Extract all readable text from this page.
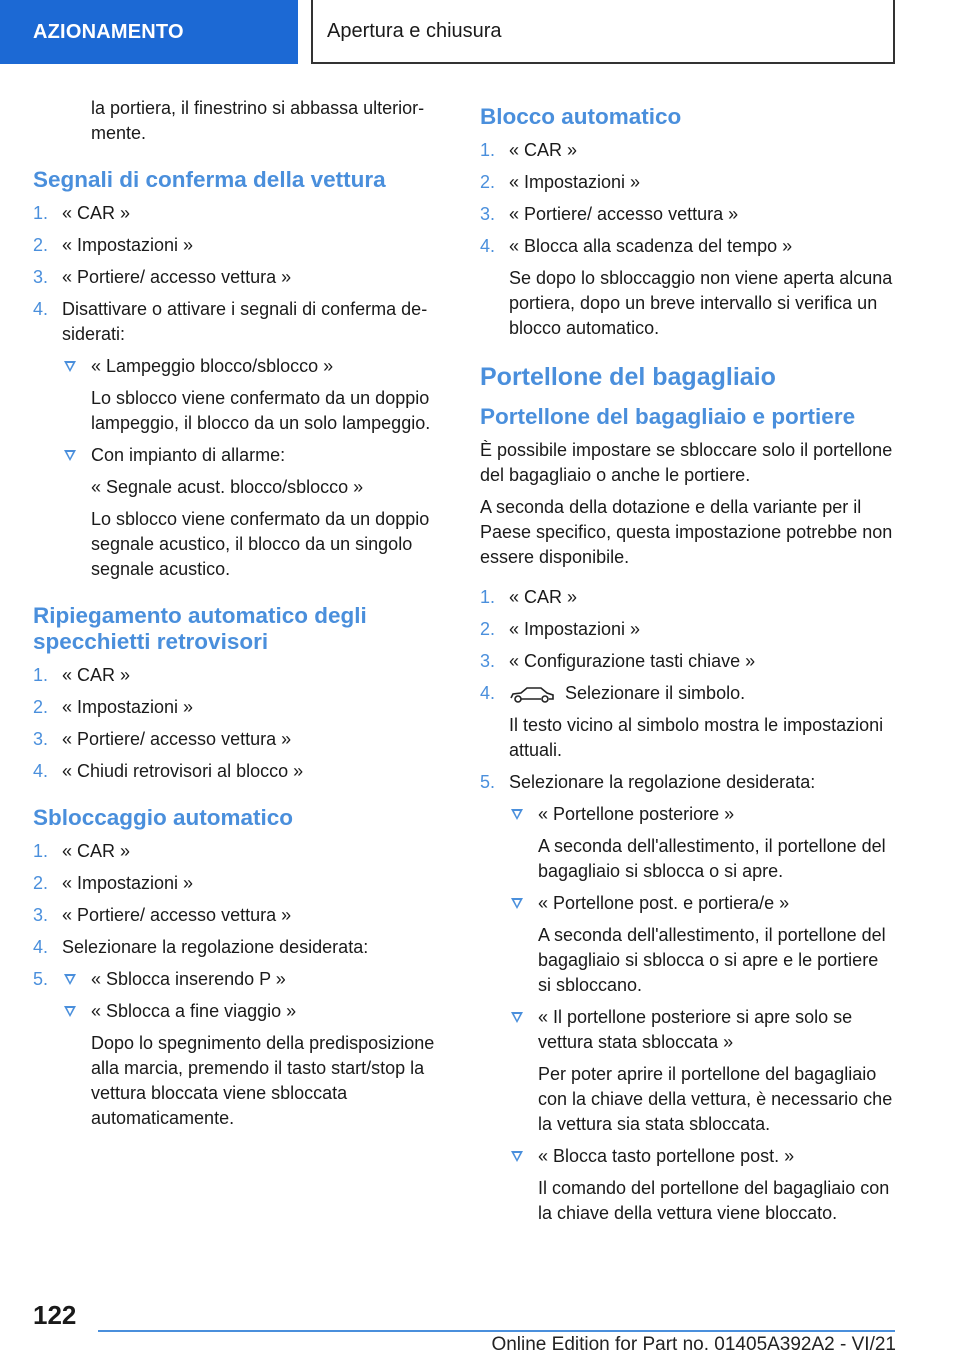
AZIONAMENTO	Apertura e chiusura
la portiera, il finestrino si abbassa ulteriormente.
Segnali di conferma della vettura
1. « CAR »
2. « Impostazioni »
3. « Portiere/ accesso vettura »
4. Disattivare o attivare i segnali di conferma desiderati:
« Lampeggio blocco/sblocco »
Lo sblocco viene confermato da un doppio lampeggio, il blocco da un solo lampeggio.
Con impianto di allarme:
« Segnale acust. blocco/sblocco »
Lo sblocco viene confermato da un doppio segnale acustico, il blocco da un singolo segnale acustico.
Ripiegamento automatico degli specchietti retrovisori
1. « CAR »
2. « Impostazioni »
3. « Portiere/ accesso vettura »
4. « Chiudi retrovisori al blocco »
Sbloccaggio automatico
1. « CAR »
2. « Impostazioni »
3. « Portiere/ accesso vettura »
4. Selezionare la regolazione desiderata:
5. « Sblocca inserendo P »
« Sblocca a fine viaggio »
Dopo lo spegnimento della predisposizione alla marcia, premendo il tasto start/stop la vettura bloccata viene sbloccata automaticamente.
Blocco automatico
1. « CAR »
2. « Impostazioni »
3. « Portiere/ accesso vettura »
4. « Blocca alla scadenza del tempo »
Se dopo lo sbloccaggio non viene aperta alcuna portiera, dopo un breve intervallo si verifica un blocco automatico.
Portellone del bagagliaio
Portellone del bagagliaio e portiere
È possibile impostare se sbloccare solo il portellone del bagagliaio o anche le portiere.
A seconda della dotazione e della variante per il Paese specifico, questa impostazione potrebbe non essere disponibile.
1. « CAR »
2. « Impostazioni »
3. « Configurazione tasti chiave »
4.	Selezionare il simbolo.
Il testo vicino al simbolo mostra le impostazioni attuali.
5. Selezionare la regolazione desiderata:
« Portellone posteriore »
A seconda dell'allestimento, il portellone del bagagliaio si sblocca o si apre.
« Portellone post. e portiera/e »
A seconda dell'allestimento, il portellone del bagagliaio si sblocca o si apre e le portiere si sbloccano.
« Il portellone posteriore si apre solo se vettura stata sbloccata »
Per poter aprire il portellone del bagagliaio con la chiave della vettura, è necessario che la vettura sia stata sbloccata.
« Blocca tasto portellone post. »
Il comando del portellone del bagagliaio con la chiave della vettura viene bloccato.
122
Online Edition for Part no. 01405A392A2 - VI/21
